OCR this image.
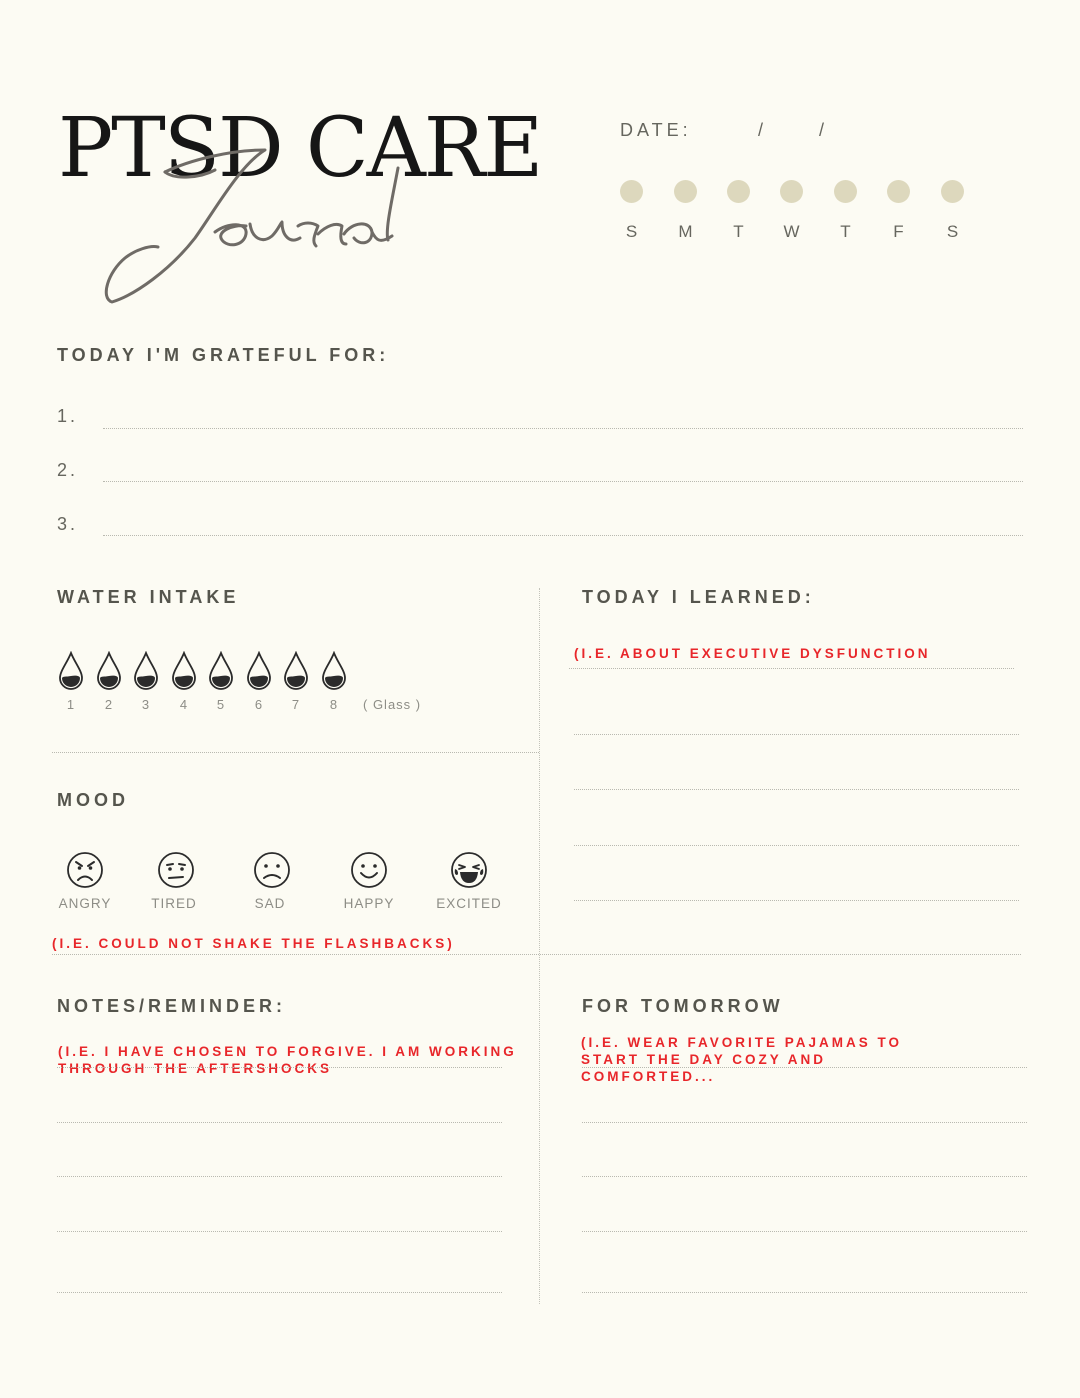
PTSD CARE	DATE:	/	/
S	M	T	W	T	F	S
TODAY I'M GRATEFUL FOR:
1.
2.
3.
WATER INTAKE
1	2	3	4	5	6	7	8	( Glass )
MOOD
ANGRY	TIRED	SAD	HAPPY	EXCITED
(I.E. COULD NOT SHAKE THE FLASHBACKS)
TODAY I LEARNED:
(I.E. ABOUT EXECUTIVE DYSFUNCTION
NOTES/REMINDER:
(I.E. I HAVE CHOSEN TO FORGIVE. I AM WORKING
THROUGH THE AFTERSHOCKS
FOR TOMORROW
(I.E. WEAR FAVORITE PAJAMAS TO
START THE DAY COZY AND
COMFORTED...
